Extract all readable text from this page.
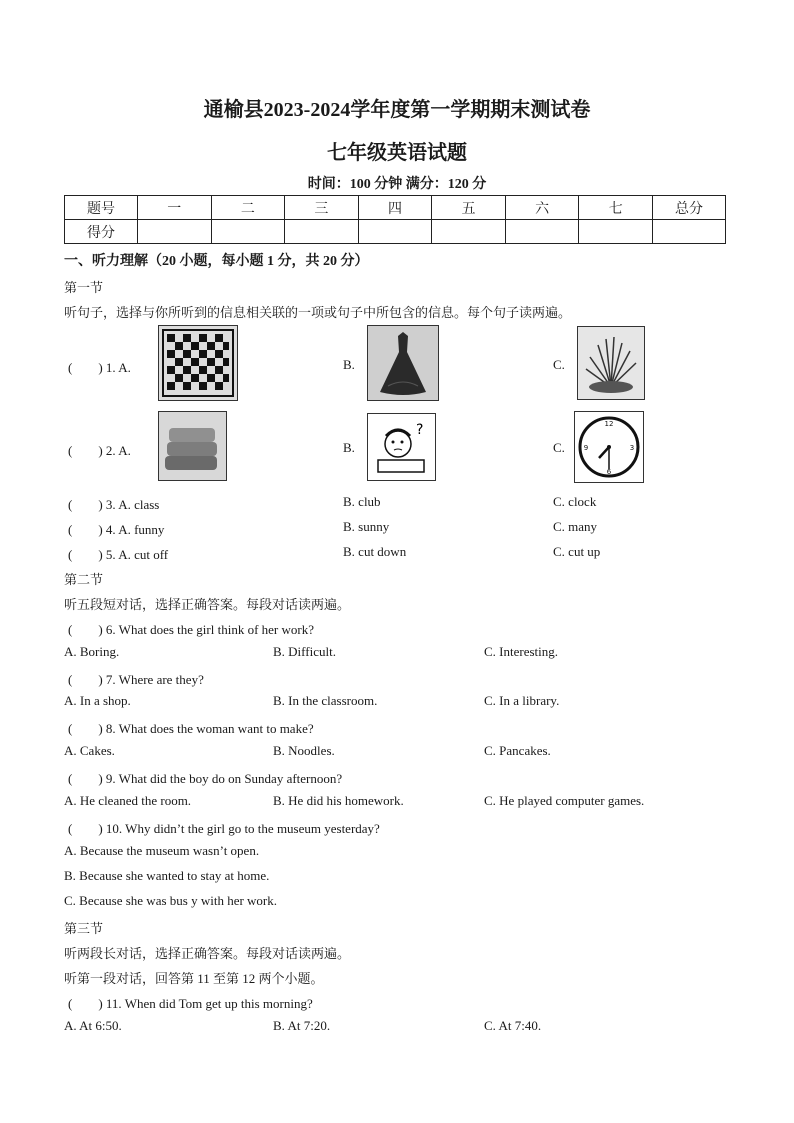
通榆县2023-2024学年度第一学期期末测试卷
七年级英语试题
时间：100 分钟 满分：120 分
题号	一	二	三	四	五	六	七	总分
得分								
一、听力理解（20 小题，每小题 1 分，共 20 分）
第一节
听句子，选择与你所听到的信息相关联的一项或句子中所包含的信息。每个句子读两遍。
(　　) 1. A.	B.	C.
(　　) 2. A.	B.
?
C.
12
3
6
9
(　　) 3. A. class	B. club	C. clock
(　　) 4. A. funny	B. sunny	C. many
(　　) 5. A. cut off	B. cut down	C. cut up
第二节
听五段短对话，选择正确答案。每段对话读两遍。
(　　) 6. What does the girl think of her work?
A. Boring.	B. Difficult.	C. Interesting.
(　　) 7. Where are they?
A. In a shop.	B. In the classroom.	C. In a library.
(　　) 8. What does the woman want to make?
A. Cakes.	B. Noodles.	C. Pancakes.
(　　) 9. What did the boy do on Sunday afternoon?
A. He cleaned the room.	B. He did his homework.	C. He played computer games.
(　　) 10. Why didn’t the girl go to the museum yesterday?
A. Because the museum wasn’t open.
B. Because she wanted to stay at home.
C. Because she was bus y with her work.
第三节
听两段长对话，选择正确答案。每段对话读两遍。
听第一段对话，回答第 11 至第 12 两个小题。
(　　) 11. When did Tom get up this morning?
A. At 6:50.	B. At 7:20.	C. At 7:40.
